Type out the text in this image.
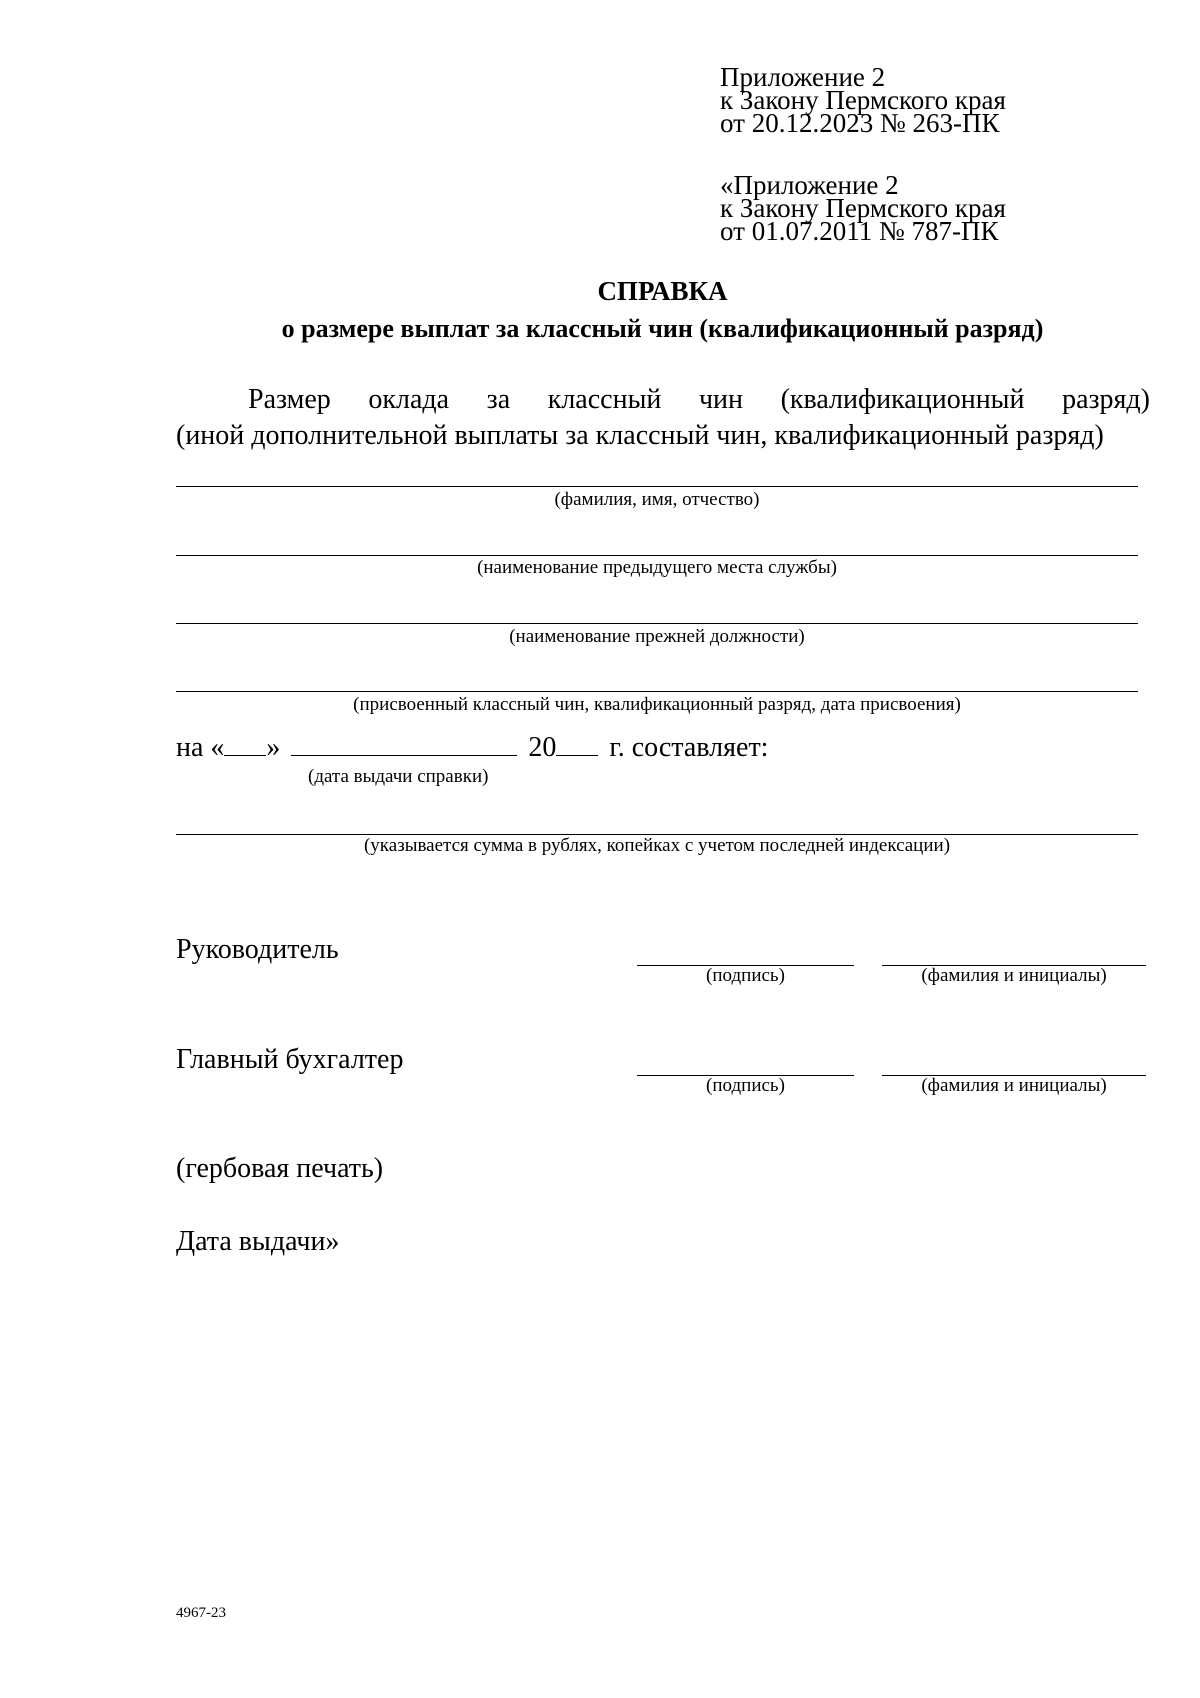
Приложение 2
к Закону Пермского края
от 20.12.2023 № 263-ПК
«Приложение 2
к Закону Пермского края
от 01.07.2011 № 787-ПК
СПРАВКА
о размере выплат за классный чин (квалификационный разряд)
Размер оклада за классный чин (квалификационный разряд)
(иной дополнительной выплаты за классный чин, квалификационный разряд)
(фамилия, имя, отчество)
(наименование предыдущего места службы)
(наименование прежней должности)
(присвоенный классный чин, квалификационный разряд, дата присвоения)
на « »	20 г. составляет:
(дата выдачи справки)
(указывается сумма в рублях, копейках с учетом последней индексации)
Руководитель
(подпись)	(фамилия и инициалы)
Главный бухгалтер
(подпись)	(фамилия и инициалы)
(гербовая печать)
Дата выдачи»
4967-23
